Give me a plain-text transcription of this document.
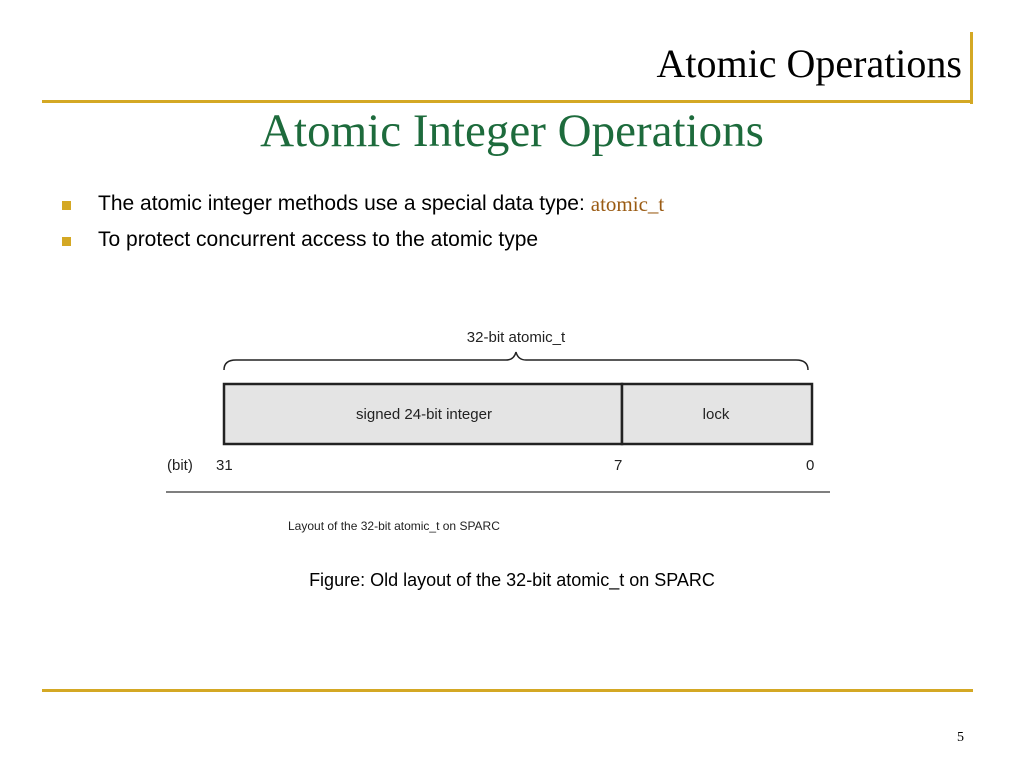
Atomic Operations
Atomic Integer Operations
The atomic integer methods use a special data type: atomic_t
To protect concurrent access to the atomic type
32-bit atomic_t
signed 24-bit integer	lock
(bit) 31	7	0
Layout of the 32-bit atomic_t on SPARC
Figure: Old layout of the 32-bit atomic_t on SPARC
5
